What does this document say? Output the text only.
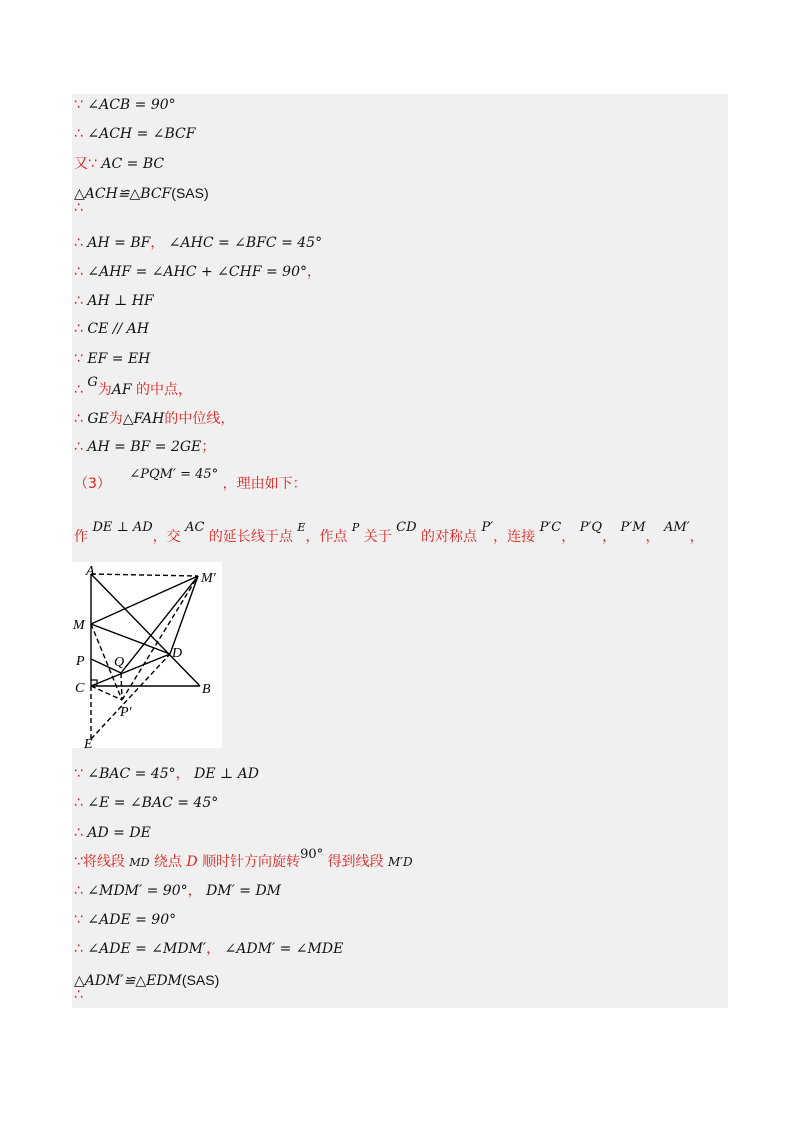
∵ ∠ACB = 90°
∴ ∠ACH = ∠BCF
又∵ AC = BC
△ACH≌△BCF(SAS)
∴
∴ AH = BF， ∠AHC = ∠BFC = 45°
∴ ∠AHF = ∠AHC + ∠CHF = 90°，
∴ AH ⊥ HF
∴ CE // AH
∵ EF = EH
∴ G为AF 的中点，
∴ GE为△FAH的中位线，
∴ AH = BF = 2GE；
（3） ∠PQM′ = 45° ，理由如下：
作 DE ⊥ AD，交 AC 的延长线于点 $^E$，作点 $^P$ 关于 CD 的对称点 P′，连接 P′C， P′Q， P′M， AM′，
A	M′
M
P Q
D
C	B
P′
E
∵ ∠BAC = 45°， DE ⊥ AD
∴ ∠E = ∠BAC = 45°
∴ AD = DE
∵将线段 MD 绕点 D 顺时针方向旋转90° 得到线段 M′D
∴ ∠MDM′ = 90°， DM′ = DM
∵ ∠ADE = 90°
∴ ∠ADE = ∠MDM′， ∠ADM′ = ∠MDE
△ADM′≌△EDM(SAS)
∴
